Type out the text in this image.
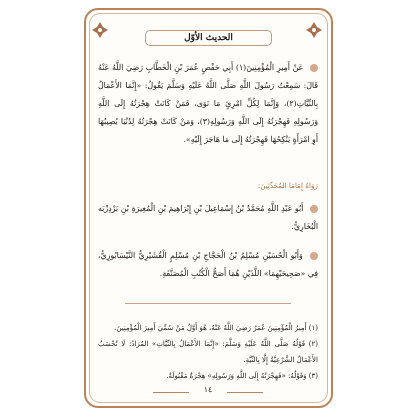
الحديث الأوّل
عَنْ أَمِيرِ الْمُؤْمِنِينَ(١) أَبِي حَفْصٍ عُمَرَ بْنِ الْخَطَّابِ رَضِيَ اللَّهُ عَنْهُ قَالَ: سَمِعْتُ رَسُولَ اللَّهِ صَلَّى اللَّهُ عَلَيْهِ وَسَلَّمَ يَقُولُ: «إِنَّمَا الأَعْمَالُ بِالنِّيَّاتِ(٢)، وَإِنَّمَا لِكُلِّ امْرِئٍ مَا نَوَى، فَمَنْ كَانَتْ هِجْرَتُهُ إِلَى اللَّهِ وَرَسُولِهِ فَهِجْرَتُهُ إِلَى اللَّهِ وَرَسُولِهِ(٣)، وَمَنْ كَانَتْ هِجْرَتُهُ لِدُنْيَا يُصِيبُهَا أَوِ امْرَأَةٍ يَنْكِحُهَا فَهِجْرَتُهُ إِلَى مَا هَاجَرَ إِلَيْهِ».
رَوَاهُ إِمَامَا المُحَدِّثِينَ:
أَبُو عَبْدِ اللَّهِ مُحَمَّدُ بْنُ إِسْمَاعِيلَ بْنِ إِبْرَاهِيمَ بْنِ الْمُغِيرَةِ بْنِ بَرْدِزْبَه الْبُخَارِيُّ.
وَأَبُو الْحُسَيْنِ مُسْلِمُ بْنُ الْحَجَّاجِ بْنِ مُسْلِمٍ الْقُشَيْرِيُّ النَّيْسَابُورِيُّ، فِي «صَحِيحَيْهِمَا» اللَّذَيْنِ هُمَا أَصَحُّ الْكُتُبِ الْمُصَنَّفَةِ.
(١) أَمِيرُ الْمُؤْمِنِينَ عُمَرُ رَضِيَ اللَّهُ عَنْهُ، هُوَ أَوَّلُ مَنْ سُمِّيَ أَمِيرَ الْمُؤْمِنِينَ.
(٢) قَوْلُهُ صَلَّى اللَّهُ عَلَيْهِ وَسَلَّمَ: «إِنَّمَا الأَعْمَالُ بِالنِّيَّاتِ» المُرَادُ: لَا تُحْسَبُ الأَعْمَالُ الشَّرْعِيَّةُ إِلَّا بِالنِّيَّةِ.
(٣) وَقَوْلُهُ: «فَهِجْرَتُهُ إِلَى اللَّهِ وَرَسُولِهِ» هِجْرَةٌ مَقْبُولَةٌ.
١٤
